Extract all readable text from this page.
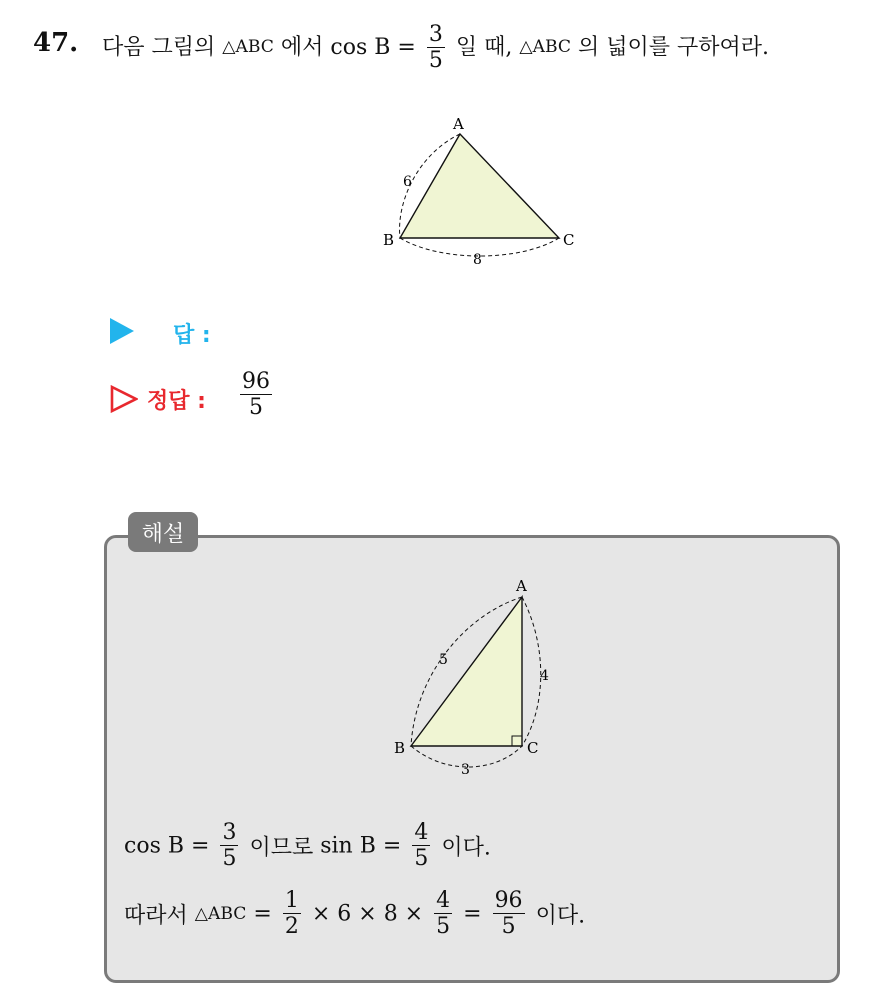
47. 다음 그림의 △ABC 에서 $\cos B = \frac{3}{5}$ 일 때, △ABC 의 넓이를 구하여라.
A
B	C
6
8
답 :
정답 : $\frac{96}{5}$
해설
A
B	C
5
4
3
$\cos B = \frac{3}{5}$ 이므로 $\sin B = \frac{4}{5}$ 이다.
따라서 △ABC = $\frac{1}{2} \times 6 \times 8 \times \frac{4}{5} = \frac{96}{5}$ 이다.
